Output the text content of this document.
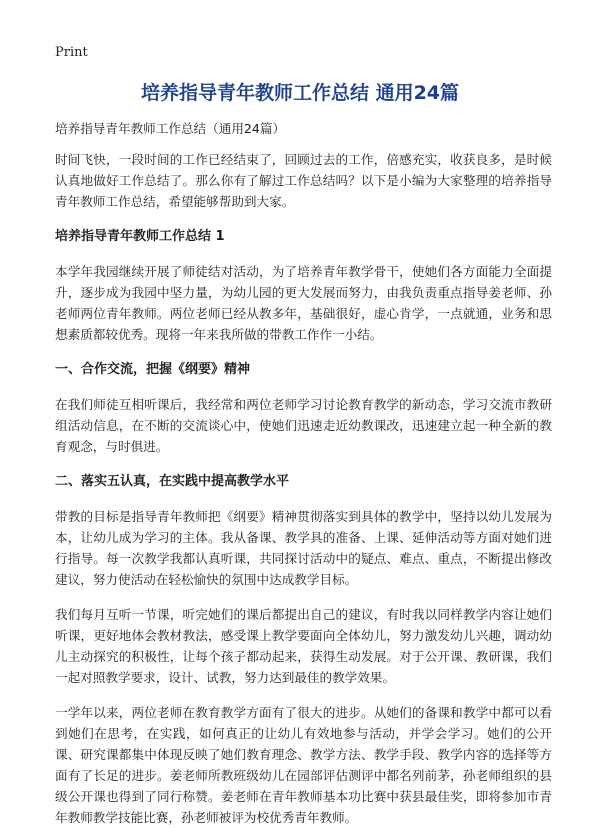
Print
培养指导青年教师工作总结 通用24篇

培养指导青年教师工作总结（通用24篇）

时间飞快，一段时间的工作已经结束了，回顾过去的工作，倍感充实，收获良多，是时候认真地做好工作总结了。那么你有了解过工作总结吗？以下是小编为大家整理的培养指导青年教师工作总结，希望能够帮助到大家。

培养指导青年教师工作总结 1

本学年我园继续开展了师徒结对活动，为了培养青年教学骨干，使她们各方面能力全面提升，逐步成为我园中坚力量，为幼儿园的更大发展而努力，由我负责重点指导姜老师、孙老师两位青年教师。两位老师已经从教多年，基础很好，虚心肯学，一点就通，业务和思想素质都较优秀。现将一年来我所做的带教工作作一小结。

一、合作交流，把握《纲要》精神

在我们师徒互相听课后，我经常和两位老师学习讨论教育教学的新动态，学习交流市教研组活动信息，在不断的交流谈心中，使她们迅速走近幼教课改，迅速建立起一种全新的教育观念，与时俱进。

二、落实五认真，在实践中提高教学水平

带教的目标是指导青年教师把《纲要》精神贯彻落实到具体的教学中，坚持以幼儿发展为本，让幼儿成为学习的主体。我从备课、教学具的准备、上课、延伸活动等方面对她们进行指导。每一次教学我都认真听课，共同探讨活动中的疑点、难点、重点，不断提出修改建议，努力使活动在轻松愉快的氛围中达成教学目标。

我们每月互听一节课，听完她们的课后都提出自己的建议，有时我以同样教学内容让她们听课，更好地体会教材教法，感受课上教学要面向全体幼儿，努力激发幼儿兴趣，调动幼儿主动探究的积极性，让每个孩子都动起来，获得生动发展。对于公开课、教研课，我们一起对照教学要求，设计、试教，努力达到最佳的教学效果。

一学年以来，两位老师在教育教学方面有了很大的进步。从她们的备课和教学中都可以看到她们在思考，在实践，如何真正的让幼儿有效地参与活动，并学会学习。她们的公开课、研究课都集中体现反映了她们教育理念、教学方法、教学手段、教学内容的选择等方面有了长足的进步。姜老师所教班级幼儿在园部评估测评中都名列前茅，孙老师组织的县级公开课也得到了同行称赞。姜老师在青年教师基本功比赛中获县最佳奖，即将参加市青年教师教学技能比赛，孙老师被评为校优秀青年教师。
